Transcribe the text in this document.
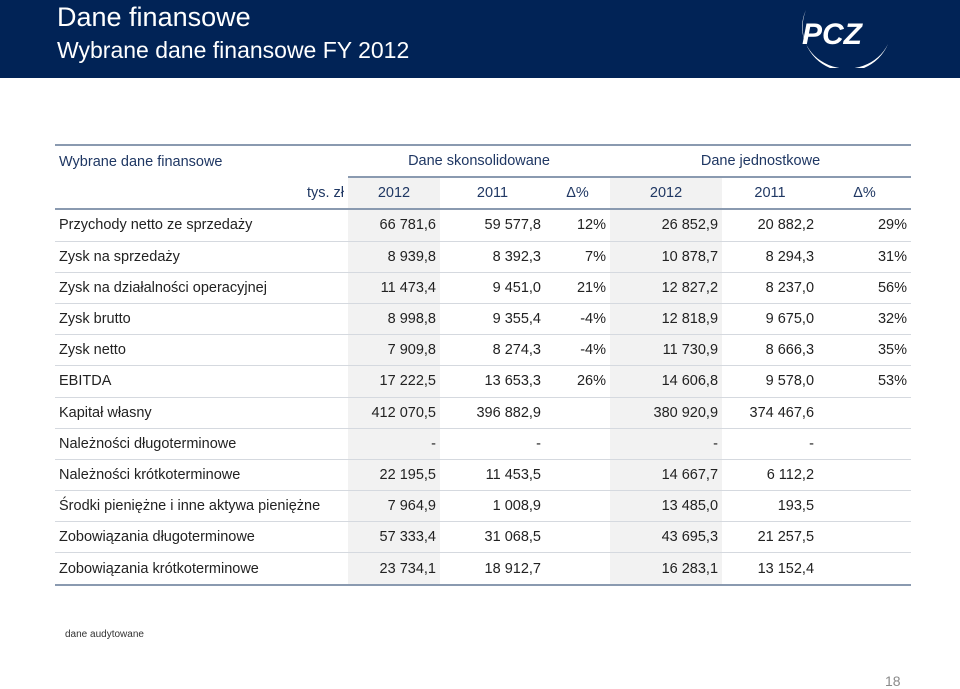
Dane finansowe
Wybrane dane finansowe FY 2012	PCZ
Wybrane dane finansowe	Dane skonsolidowane			Dane jednostkowe		
tys. zł	2012	2011	Δ%	2012	2011	Δ%
Przychody netto ze sprzedaży	66 781,6	59 577,8	12%	26 852,9	20 882,2	29%
Zysk na sprzedaży	8 939,8	8 392,3	7%	10 878,7	8 294,3	31%
Zysk na działalności operacyjnej	11 473,4	9 451,0	21%	12 827,2	8 237,0	56%
Zysk brutto	8 998,8	9 355,4	-4%	12 818,9	9 675,0	32%
Zysk netto	7 909,8	8 274,3	-4%	11 730,9	8 666,3	35%
EBITDA	17 222,5	13 653,3	26%	14 606,8	9 578,0	53%
Kapitał własny	412 070,5	396 882,9		380 920,9	374 467,6	
Należności długoterminowe	-	-		-	-	
Należności krótkoterminowe	22 195,5	11 453,5		14 667,7	6 112,2	
Środki pieniężne i inne aktywa pieniężne	7 964,9	1 008,9		13 485,0	193,5	
Zobowiązania długoterminowe	57 333,4	31 068,5		43 695,3	21 257,5	
Zobowiązania krótkoterminowe	23 734,1	18 912,7		16 283,1	13 152,4	
dane audytowane
18
